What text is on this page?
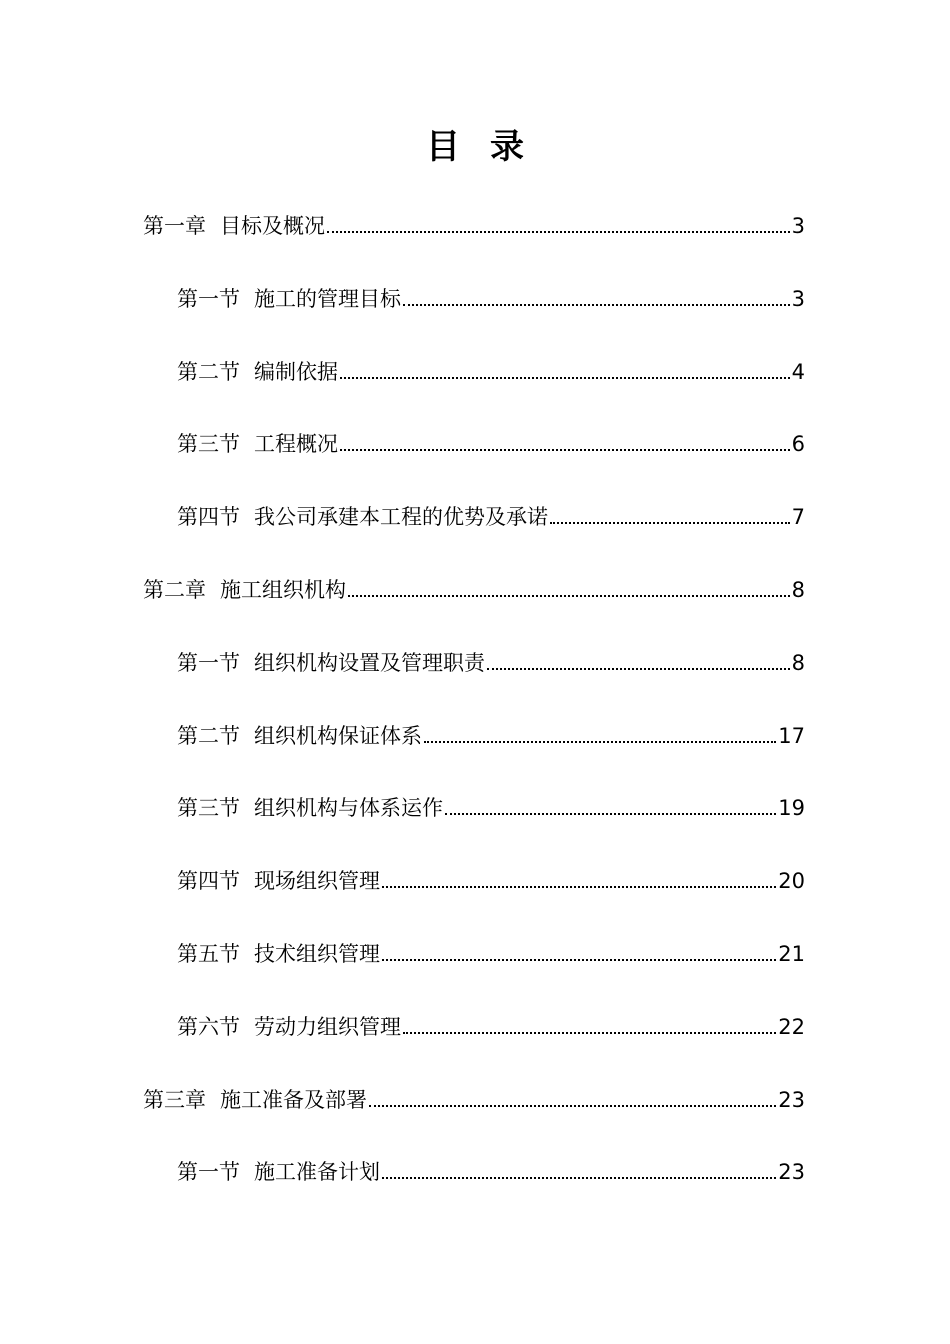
目 录
第一章 目标及概况	3
第一节 施工的管理目标	3
第二节 编制依据	4
第三节 工程概况	6
第四节 我公司承建本工程的优势及承诺	7
第二章 施工组织机构	8
第一节 组织机构设置及管理职责	8
第二节 组织机构保证体系	17
第三节 组织机构与体系运作	19
第四节 现场组织管理	20
第五节 技术组织管理	21
第六节 劳动力组织管理	22
第三章 施工准备及部署	23
第一节 施工准备计划	23
